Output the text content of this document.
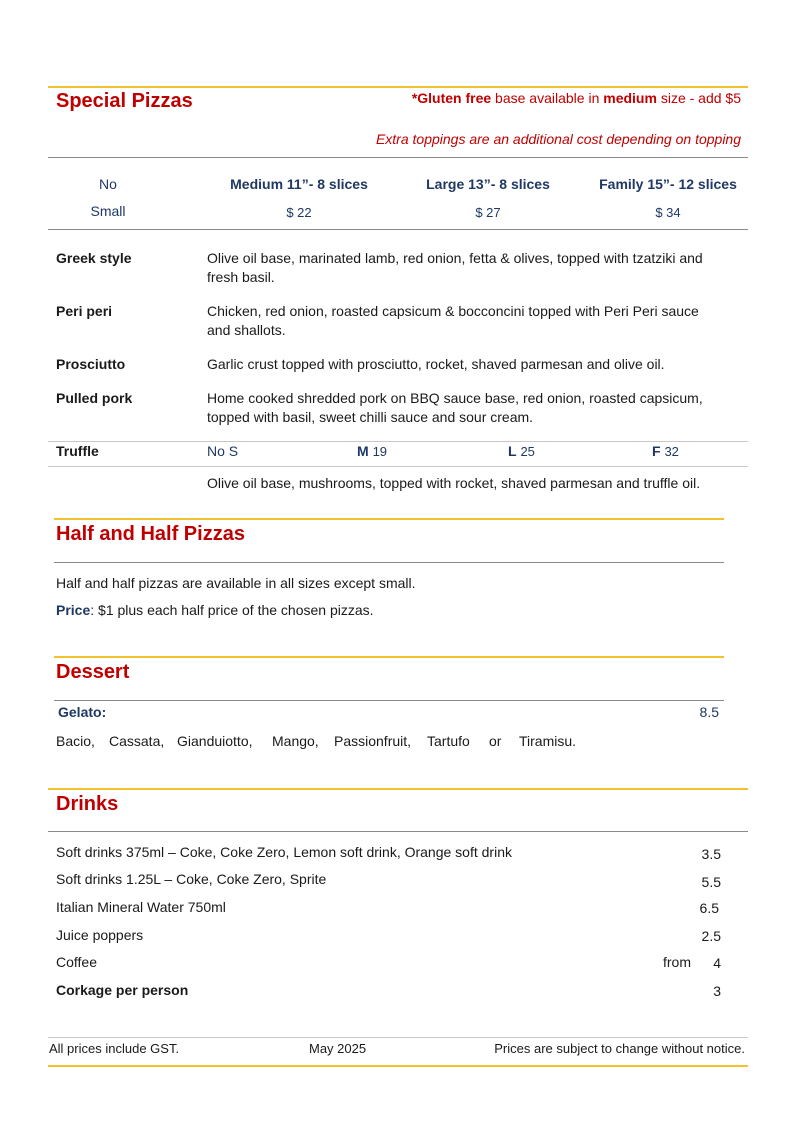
Special Pizzas	*Gluten free base available in medium size - add $5
Extra toppings are an additional cost depending on topping
No	Medium 11”- 8 slices	Large 13”- 8 slices	Family 15”- 12 slices
Small	$ 22	$ 27	$ 34
Greek style	Olive oil base, marinated lamb, red onion, fetta & olives, topped with tzatziki and fresh basil.
Peri peri	Chicken, red onion, roasted capsicum & bocconcini topped with Peri Peri sauce and shallots.
Prosciutto	Garlic crust topped with prosciutto, rocket, shaved parmesan and olive oil.
Pulled pork	Home cooked shredded pork on BBQ sauce base, red onion, roasted capsicum, topped with basil, sweet chilli sauce and sour cream.
Truffle	No S	M 19	L 25	F 32
Olive oil base, mushrooms, topped with rocket, shaved parmesan and truffle oil.
Half and Half Pizzas
Half and half pizzas are available in all sizes except small.
Price: $1 plus each half price of the chosen pizzas.
Dessert
Gelato:	8.5
Bacio, Cassata, Gianduiotto, Mango, Passionfruit, Tartufo or Tiramisu.
Drinks
Soft drinks 375ml – Coke, Coke Zero, Lemon soft drink, Orange soft drink	3.5
Soft drinks 1.25L – Coke, Coke Zero, Sprite	5.5
Italian Mineral Water 750ml	6.5
Juice poppers	2.5
Coffee	from 4
Corkage per person	3
All prices include GST.	May 2025	Prices are subject to change without notice.
